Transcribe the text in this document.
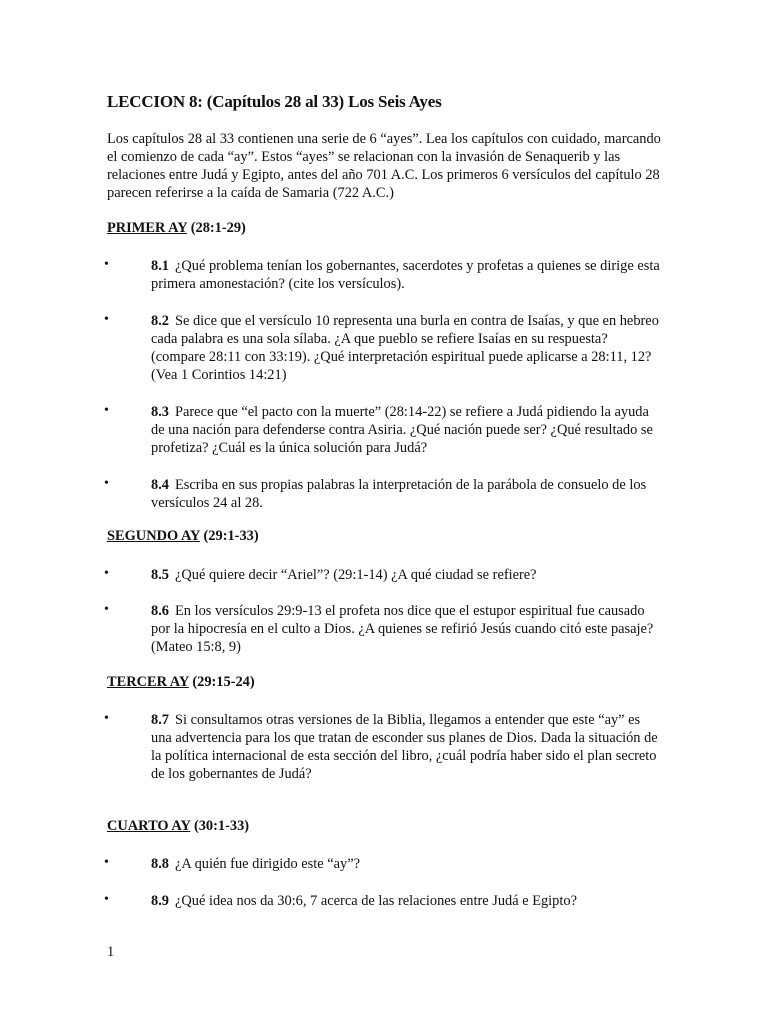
LECCION 8: (Capítulos 28 al 33) Los Seis Ayes
Los capítulos 28 al 33 contienen una serie de 6 “ayes”. Lea los capítulos con cuidado, marcando el comienzo de cada “ay”. Estos “ayes” se relacionan con la invasión de Senaquerib y las relaciones entre Judá y Egipto, antes del año 701 A.C. Los primeros 6 versículos del capítulo 28 parecen referirse a la caída de Samaria (722 A.C.)
PRIMER AY (28:1-29)
•	8.1 ¿Qué problema tenían los gobernantes, sacerdotes y profetas a quienes se dirige esta primera amonestación? (cite los versículos).
•	8.2 Se dice que el versículo 10 representa una burla en contra de Isaías, y que en hebreo cada palabra es una sola sílaba. ¿A que pueblo se refiere Isaías en su respuesta? (compare 28:11 con 33:19). ¿Qué interpretación espiritual puede aplicarse a 28:11, 12? (Vea 1 Corintios 14:21)
•	8.3 Parece que “el pacto con la muerte” (28:14-22) se refiere a Judá pidiendo la ayuda de una nación para defenderse contra Asiria. ¿Qué nación puede ser? ¿Qué resultado se profetiza? ¿Cuál es la única solución para Judá?
•	8.4 Escriba en sus propias palabras la interpretación de la parábola de consuelo de los versículos 24 al 28.
SEGUNDO AY (29:1-33)
•	8.5 ¿Qué quiere decir “Ariel”? (29:1-14) ¿A qué ciudad se refiere?
•	8.6 En los versículos 29:9-13 el profeta nos dice que el estupor espiritual fue causado por la hipocresía en el culto a Dios. ¿A quienes se refirió Jesús cuando citó este pasaje? (Mateo 15:8, 9)
TERCER AY (29:15-24)
•	8.7 Si consultamos otras versiones de la Biblia, llegamos a entender que este “ay” es una advertencia para los que tratan de esconder sus planes de Dios. Dada la situación de la política internacional de esta sección del libro, ¿cuál podría haber sido el plan secreto de los gobernantes de Judá?
CUARTO AY (30:1-33)
•	8.8 ¿A quién fue dirigido este “ay”?
•	8.9 ¿Qué idea nos da 30:6, 7 acerca de las relaciones entre Judá e Egipto?
1
